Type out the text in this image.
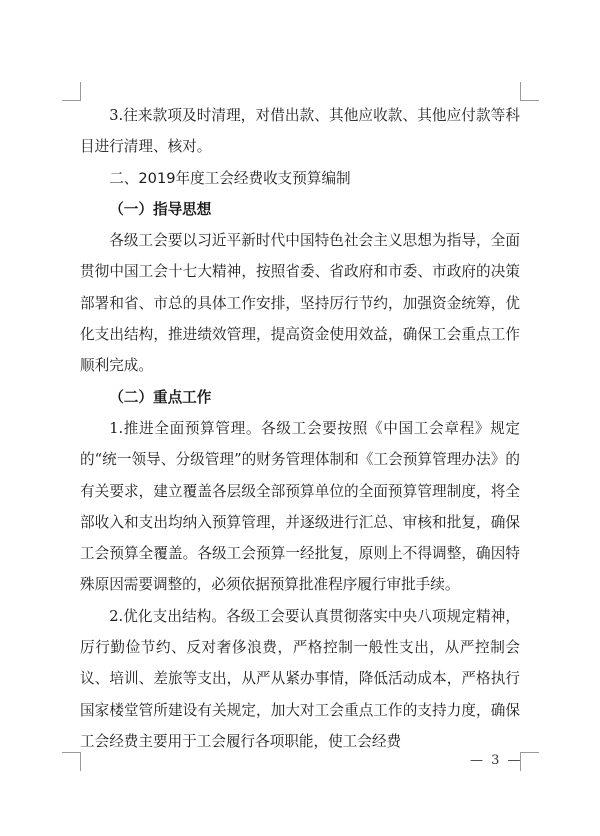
3.往来款项及时清理，对借出款、其他应收款、其他应付款等科目进行清理、核对。

二、2019年度工会经费收支预算编制

（一）指导思想

各级工会要以习近平新时代中国特色社会主义思想为指导，全面贯彻中国工会十七大精神，按照省委、省政府和市委、市政府的决策部署和省、市总的具体工作安排，坚持厉行节约，加强资金统筹，优化支出结构，推进绩效管理，提高资金使用效益，确保工会重点工作顺利完成。

（二）重点工作

1.推进全面预算管理。各级工会要按照《中国工会章程》规定的“统一领导、分级管理”的财务管理体制和《工会预算管理办法》的有关要求，建立覆盖各层级全部预算单位的全面预算管理制度，将全部收入和支出均纳入预算管理，并逐级进行汇总、审核和批复，确保工会预算全覆盖。各级工会预算一经批复，原则上不得调整，确因特殊原因需要调整的，必须依据预算批准程序履行审批手续。

2.优化支出结构。各级工会要认真贯彻落实中央八项规定精神，厉行勤俭节约、反对奢侈浪费，严格控制一般性支出，从严控制会议、培训、差旅等支出，从严从紧办事情，降低活动成本，严格执行国家楼堂管所建设有关规定，加大对工会重点工作的支持力度，确保工会经费主要用于工会履行各项职能，使工会经费

— 3 —
